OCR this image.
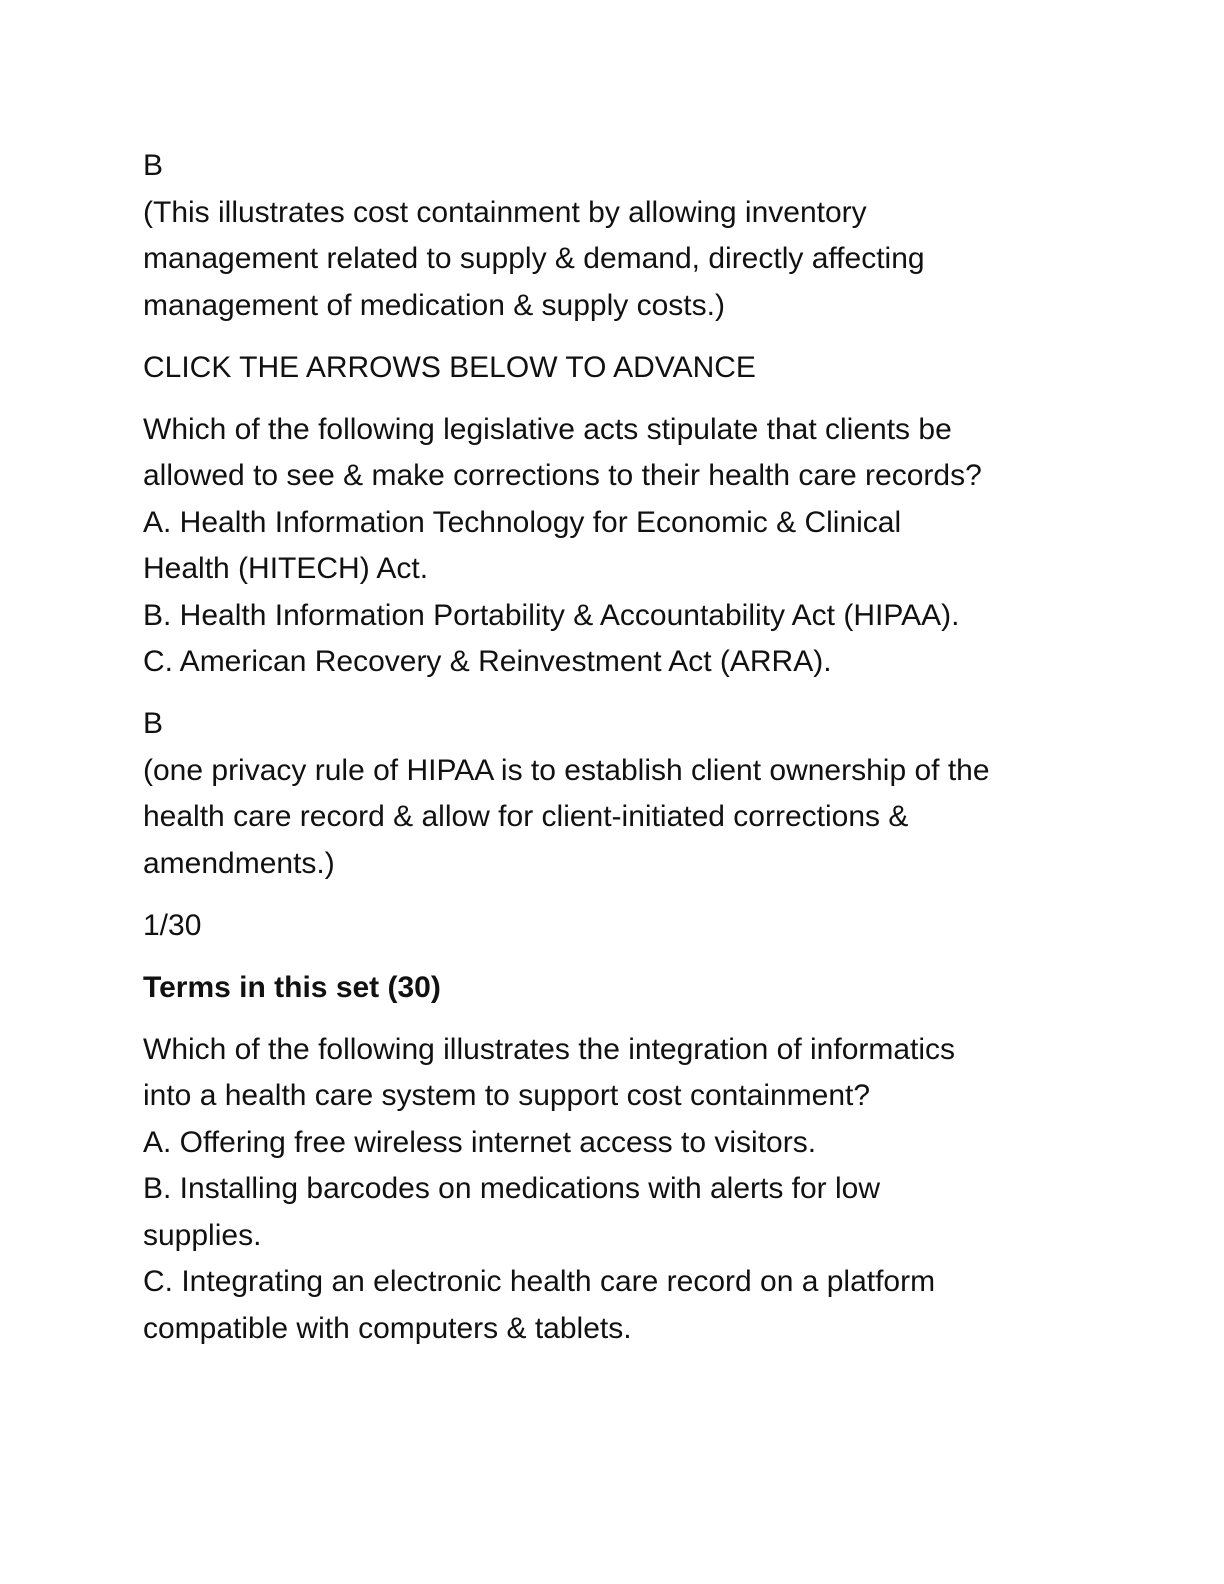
B
(This illustrates cost containment by allowing inventory
management related to supply & demand, directly affecting
management of medication & supply costs.)
CLICK THE ARROWS BELOW TO ADVANCE
Which of the following legislative acts stipulate that clients be
allowed to see & make corrections to their health care records?
A. Health Information Technology for Economic & Clinical
Health (HITECH) Act.
B. Health Information Portability & Accountability Act (HIPAA).
C. American Recovery & Reinvestment Act (ARRA).
B
(one privacy rule of HIPAA is to establish client ownership of the
health care record & allow for client-initiated corrections &
amendments.)
1/30
Terms in this set (30)
Which of the following illustrates the integration of informatics
into a health care system to support cost containment?
A. Offering free wireless internet access to visitors.
B. Installing barcodes on medications with alerts for low
supplies.
C. Integrating an electronic health care record on a platform
compatible with computers & tablets.
